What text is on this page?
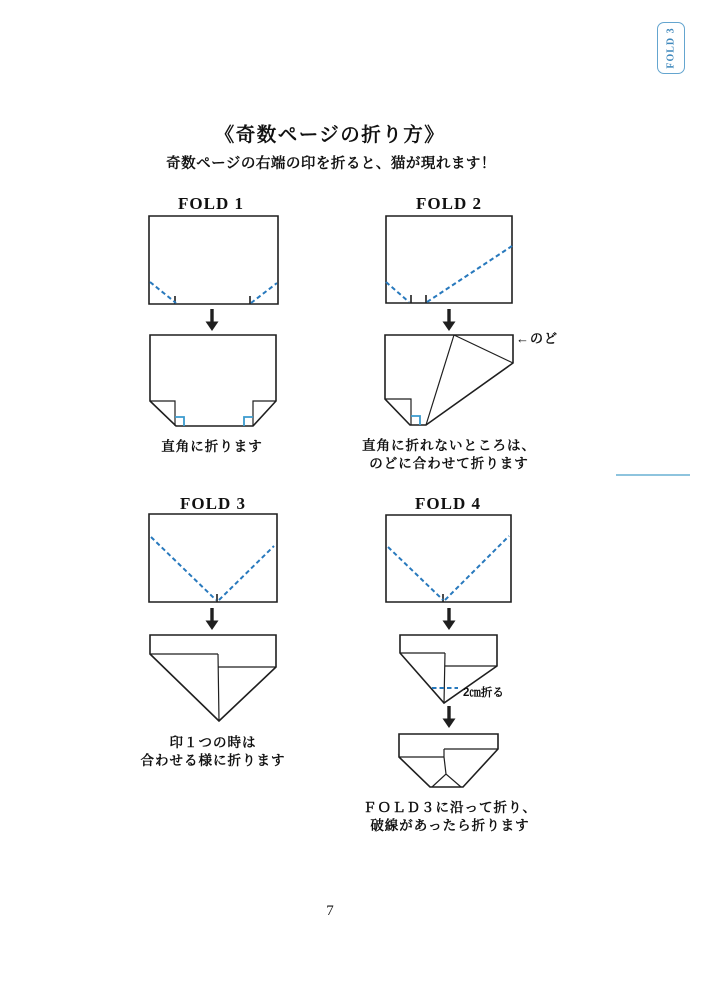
FOLD 3
《奇数ページの折り方》
奇数ページの右端の印を折ると、猫が現れます！
FOLD 1	FOLD 2
FOLD 3	FOLD 4
←のど
2㎝折る
直角に折ります	直角に折れないところは、
のどに合わせて折ります
印１つの時は
合わせる様に折ります
ＦＯＬＤ３に沿って折り、
破線があったら折ります
7
